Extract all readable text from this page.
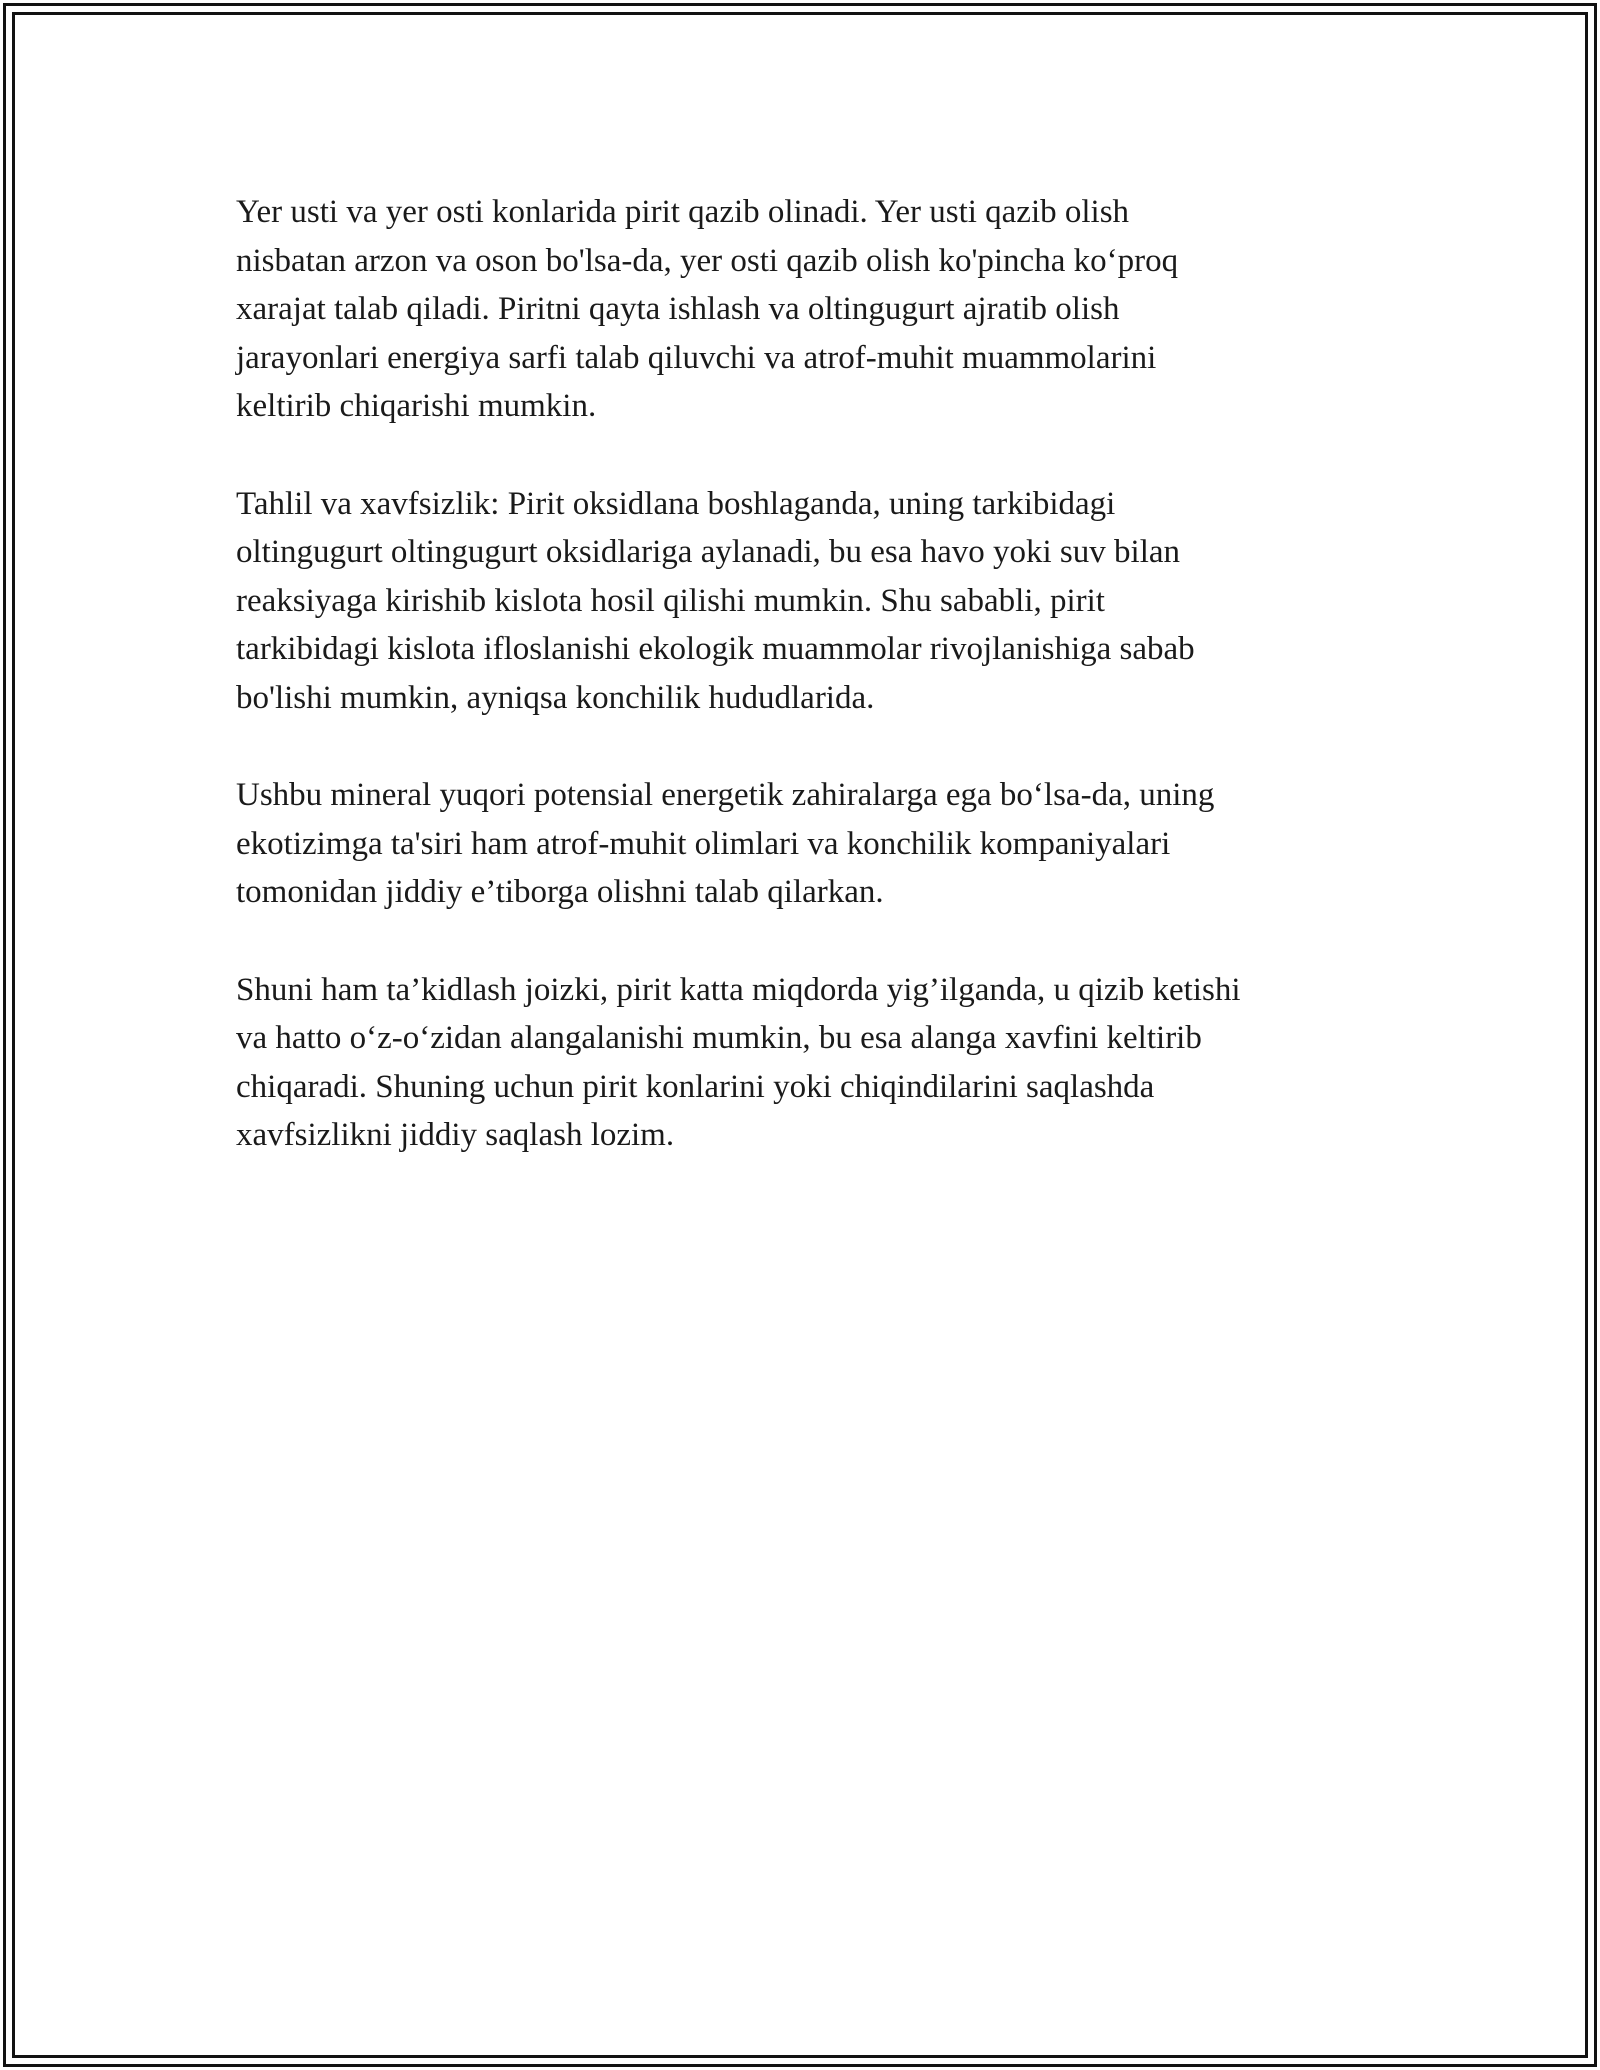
Yer usti va yer osti konlarida pirit qazib olinadi. Yer usti qazib olish
nisbatan arzon va oson bo'lsa-da, yer osti qazib olish ko'pincha ko‘proq
xarajat talab qiladi. Piritni qayta ishlash va oltingugurt ajratib olish
jarayonlari energiya sarfi talab qiluvchi va atrof-muhit muammolarini
keltirib chiqarishi mumkin.

Tahlil va xavfsizlik: Pirit oksidlana boshlaganda, uning tarkibidagi
oltingugurt oltingugurt oksidlariga aylanadi, bu esa havo yoki suv bilan
reaksiyaga kirishib kislota hosil qilishi mumkin. Shu sababli, pirit
tarkibidagi kislota ifloslanishi ekologik muammolar rivojlanishiga sabab
bo'lishi mumkin, ayniqsa konchilik hududlarida.

Ushbu mineral yuqori potensial energetik zahiralarga ega bo‘lsa-da, uning
ekotizimga ta'siri ham atrof-muhit olimlari va konchilik kompaniyalari
tomonidan jiddiy e’tiborga olishni talab qilarkan.

Shuni ham ta’kidlash joizki, pirit katta miqdorda yig’ilganda, u qizib ketishi
va hatto o‘z-o‘zidan alangalanishi mumkin, bu esa alanga xavfini keltirib
chiqaradi. Shuning uchun pirit konlarini yoki chiqindilarini saqlashda
xavfsizlikni jiddiy saqlash lozim.
